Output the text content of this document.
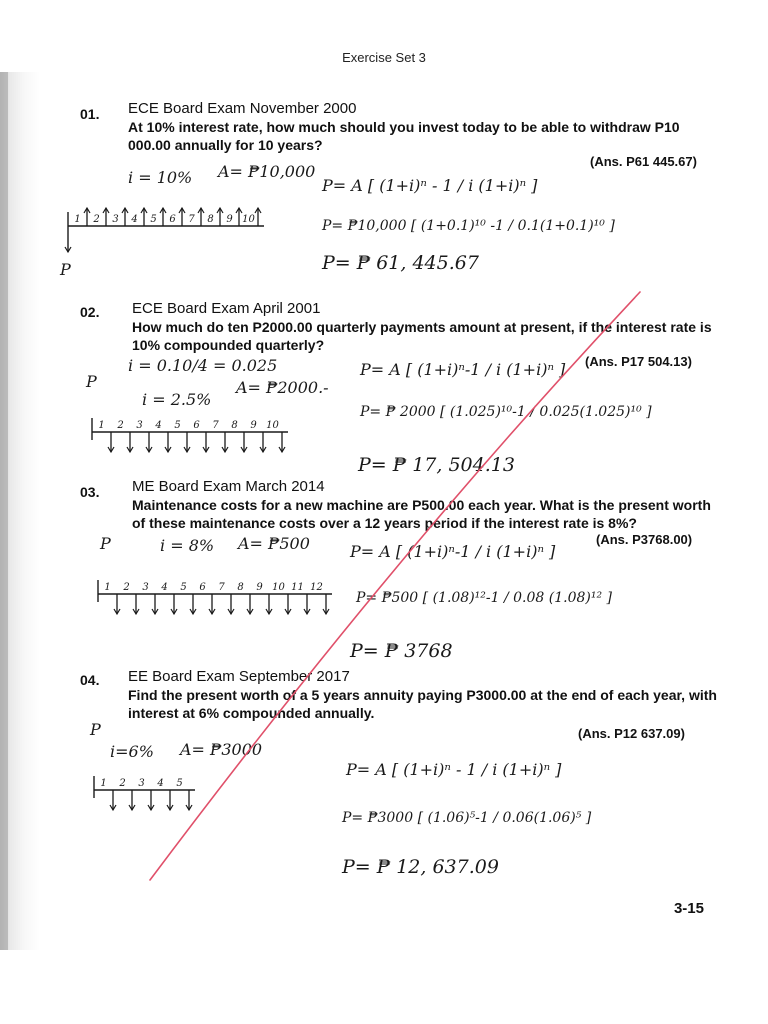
Exercise Set 3
01. ECE Board Exam November 2000
At 10% interest rate, how much should you invest today to be able to withdraw P10 000.00 annually for 10 years?
(Ans. P61 445.67)
i = 10% A= ₱10,000
P
P= A [ (1+i)ⁿ - 1 / i (1+i)ⁿ ]
P= ₱10,000 [ (1+0.1)¹⁰ -1 / 0.1(1+0.1)¹⁰ ]
P= ₱ 61, 445.67
02. ECE Board Exam April 2001
How much do ten P2000.00 quarterly payments amount at present, if the interest rate is 10% compounded quarterly?
(Ans. P17 504.13)
P
i = 0.10/4 = 0.025
i = 2.5%
A= ₱2000.-
P= A [ (1+i)ⁿ-1 / i (1+i)ⁿ ]
P= ₱ 2000 [ (1.025)¹⁰-1 / 0.025(1.025)¹⁰ ]
P= ₱ 17, 504.13
03. ME Board Exam March 2014
Maintenance costs for a new machine are P500.00 each year. What is the present worth of these maintenance costs over a 12 years period if the interest rate is 8%?
(Ans. P3768.00)
P	i = 8% A= ₱500	P= A [ (1+i)ⁿ-1 / i (1+i)ⁿ ]
P= ₱500 [ (1.08)¹²-1 / 0.08 (1.08)¹² ]
P= ₱ 3768
04. EE Board Exam September 2017
Find the present worth of a 5 years annuity paying P3000.00 at the end of each year, with interest at 6% compounded annually.
(Ans. P12 637.09)
P
i=6% A= ₱3000
P= A [ (1+i)ⁿ - 1 / i (1+i)ⁿ ]
P= ₱3000 [ (1.06)⁵-1 / 0.06(1.06)⁵ ]
P= ₱ 12, 637.09
3-15
1 2 3 4 5 6 7 8 9 10
1 2 3 4 5 6 7 8 9 10
1 2 3 4 5 6 7 8 9 10 11 12
1 2 3 4 5
